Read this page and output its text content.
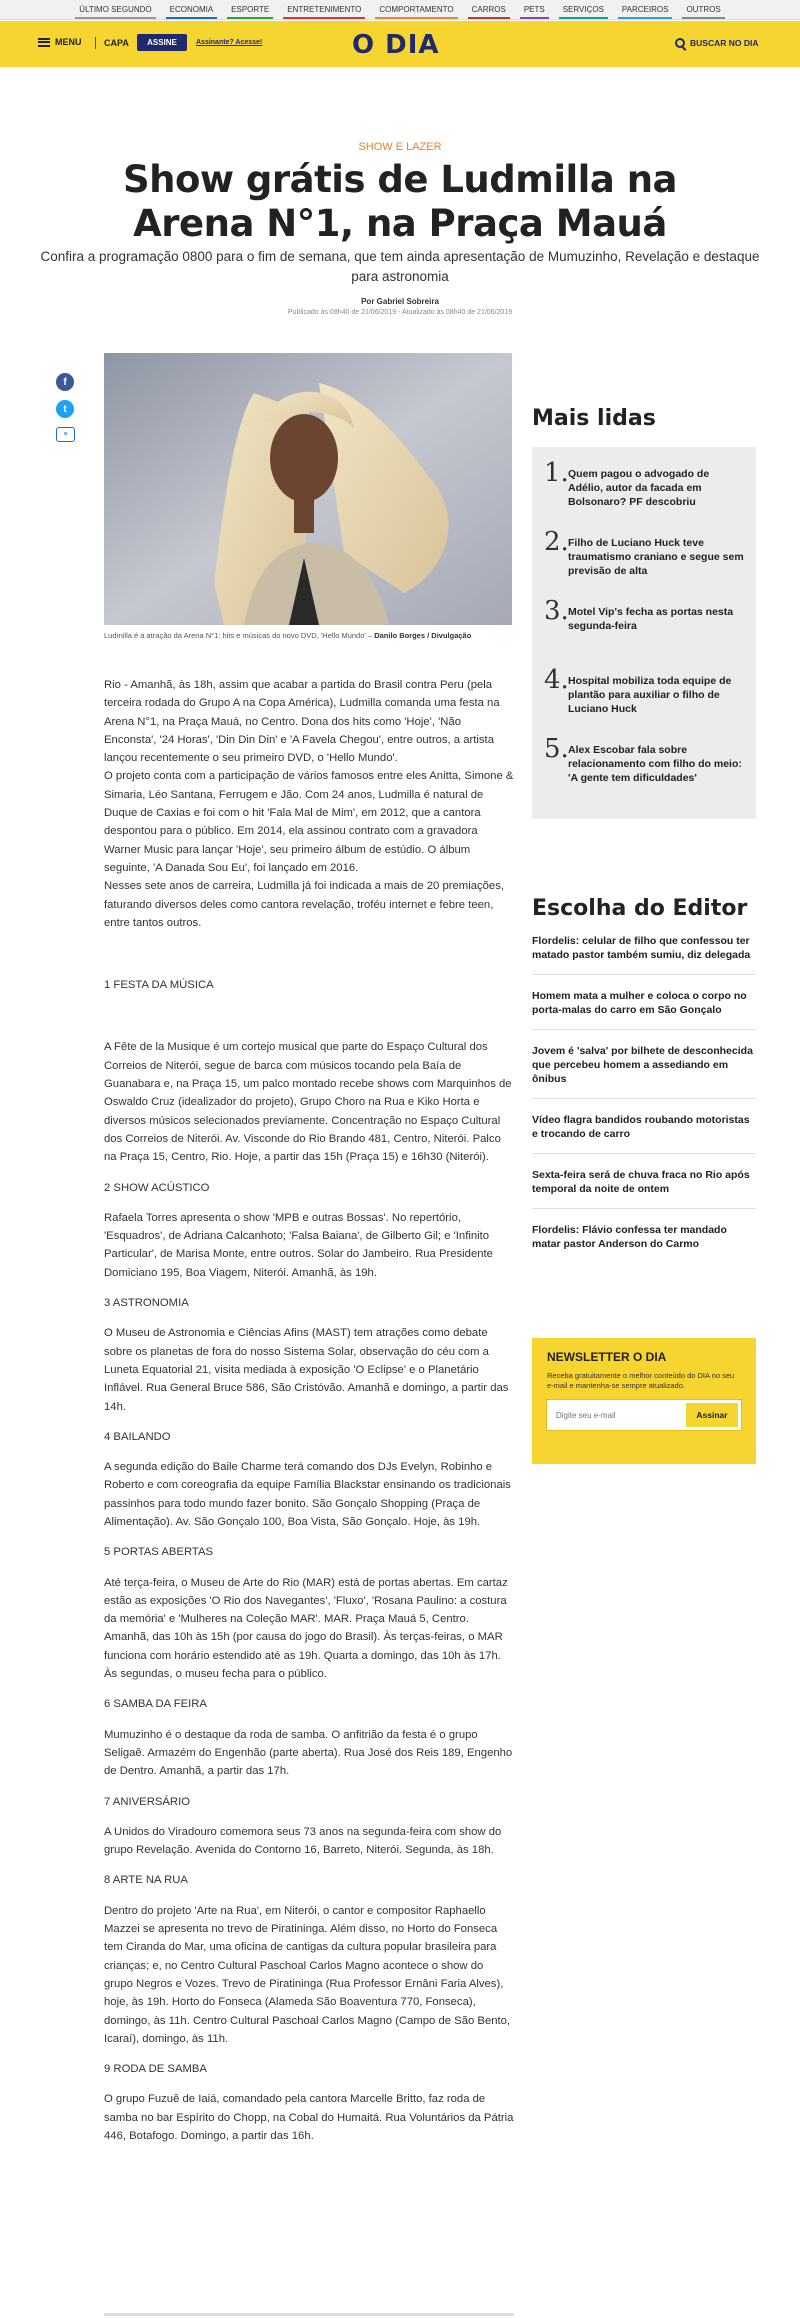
ÚLTIMO SEGUNDO	ECONOMIA	ESPORTE	ENTRETENIMENTO	COMPORTAMENTO	CARROS	PETS	SERVIÇOS	PARCEIROS	OUTROS
MENU	CAPA	ASSINE	Assinante? Acesse!	O DIA	BUSCAR NO DIA
SHOW E LAZER
Show grátis de Ludmilla na Arena N°1, na Praça Mauá

Confira a programação 0800 para o fim de semana, que tem ainda apresentação de Mumuzinho, Revelação e destaque para astronomia

Por Gabriel Sobreira
Publicado às 08h40 de 21/06/2019 - Atualizado às 08h40 de 21/06/2019
f
t
≡
Ludmilla é a atração da Arena N°1: hits e músicas do novo DVD, 'Hello Mundo' – Danilo Borges / Divulgação

Rio - Amanhã, às 18h, assim que acabar a partida do Brasil contra Peru (pela terceira rodada do Grupo A na Copa América), Ludmilla comanda uma festa na Arena N°1, na Praça Mauá, no Centro. Dona dos hits como 'Hoje', 'Não Enconsta', '24 Horas', 'Din Din Din' e 'A Favela Chegou', entre outros, a artista lançou recentemente o seu primeiro DVD, o 'Hello Mundo'.

O projeto conta com a participação de vários famosos entre eles Anitta, Simone & Simaria, Léo Santana, Ferrugem e Jão. Com 24 anos, Ludmilla é natural de Duque de Caxias e foi com o hit 'Fala Mal de Mim', em 2012, que a cantora despontou para o público. Em 2014, ela assinou contrato com a gravadora Warner Music para lançar 'Hoje', seu primeiro álbum de estúdio. O álbum seguinte, 'A Danada Sou Eu', foi lançado em 2016.

Nesses sete anos de carreira, Ludmilla já foi indicada a mais de 20 premiações, faturando diversos deles como cantora revelação, troféu internet e febre teen, entre tantos outros.

1 FESTA DA MÚSICA

A Fête de la Musique é um cortejo musical que parte do Espaço Cultural dos Correios de Niterói, segue de barca com músicos tocando pela Baía de Guanabara e, na Praça 15, um palco montado recebe shows com Marquinhos de Oswaldo Cruz (idealizador do projeto), Grupo Choro na Rua e Kiko Horta e diversos músicos selecionados previamente. Concentração no Espaço Cultural dos Correios de Niterói. Av. Visconde do Rio Brando 481, Centro, Niterói. Palco na Praça 15, Centro, Rio. Hoje, a partir das 15h (Praça 15) e 16h30 (Niterói).

2 SHOW ACÚSTICO

Rafaela Torres apresenta o show 'MPB e outras Bossas'. No repertório, 'Esquadros', de Adriana Calcanhoto; 'Falsa Baiana', de Gilberto Gil; e 'Infinito Particular', de Marisa Monte, entre outros. Solar do Jambeiro. Rua Presidente Domiciano 195, Boa Viagem, Niterói. Amanhã, às 19h.

3 ASTRONOMIA

O Museu de Astronomia e Ciências Afins (MAST) tem atrações como debate sobre os planetas de fora do nosso Sistema Solar, observação do céu com a Luneta Equatorial 21, visita mediada à exposição 'O Eclipse' e o Planetário Inflável. Rua General Bruce 586, São Cristóvão. Amanhã e domingo, a partir das 14h.

4 BAILANDO

A segunda edição do Baile Charme terá comando dos DJs Evelyn, Robinho e Roberto e com coreografia da equipe Família Blackstar ensinando os tradicionais passinhos para todo mundo fazer bonito. São Gonçalo Shopping (Praça de Alimentação). Av. São Gonçalo 100, Boa Vista, São Gonçalo. Hoje, às 19h.

5 PORTAS ABERTAS

Até terça-feira, o Museu de Arte do Rio (MAR) está de portas abertas. Em cartaz estão as exposições 'O Rio dos Navegantes', 'Fluxo', 'Rosana Paulino: a costura da memória' e 'Mulheres na Coleção MAR'. MAR. Praça Mauá 5, Centro. Amanhã, das 10h às 15h (por causa do jogo do Brasil). Às terças-feiras, o MAR funciona com horário estendido até as 19h. Quarta a domingo, das 10h às 17h. Às segundas, o museu fecha para o público.

6 SAMBA DA FEIRA

Mumuzinho é o destaque da roda de samba. O anfitrião da festa é o grupo Seligaê. Armazém do Engenhão (parte aberta). Rua José dos Reis 189, Engenho de Dentro. Amanhã, a partir das 17h.

7 ANIVERSÁRIO

A Unidos do Viradouro comemora seus 73 anos na segunda-feira com show do grupo Revelação. Avenida do Contorno 16, Barreto, Niterói. Segunda, às 18h.

8 ARTE NA RUA

Dentro do projeto 'Arte na Rua', em Niterói, o cantor e compositor Raphaello Mazzei se apresenta no trevo de Piratininga. Além disso, no Horto do Fonseca tem Ciranda do Mar, uma oficina de cantigas da cultura popular brasileira para crianças; e, no Centro Cultural Paschoal Carlos Magno acontece o show do grupo Negros e Vozes. Trevo de Piratininga (Rua Professor Ernâni Faria Alves), hoje, às 19h. Horto do Fonseca (Alameda São Boaventura 770, Fonseca), domingo, às 11h. Centro Cultural Paschoal Carlos Magno (Campo de São Bento, Icaraí), domingo, às 11h.

9 RODA DE SAMBA

O grupo Fuzuê de Iaiá, comandado pela cantora Marcelle Britto, faz roda de samba no bar Espírito do Chopp, na Cobal do Humaitá. Rua Voluntários da Pátria 446, Botafogo. Domingo, a partir das 16h.

Mais lidas
1. Quem pagou o advogado de Adélio, autor da facada em Bolsonaro? PF descobriu
2. Filho de Luciano Huck teve traumatismo craniano e segue sem previsão de alta
3. Motel Vip's fecha as portas nesta segunda-feira
4. Hospital mobiliza toda equipe de plantão para auxiliar o filho de Luciano Huck
5. Alex Escobar fala sobre relacionamento com filho do meio: 'A gente tem dificuldades'
Escolha do Editor
Flordelis: celular de filho que confessou ter matado pastor também sumiu, diz delegada
Homem mata a mulher e coloca o corpo no porta-malas do carro em São Gonçalo
Jovem é 'salva' por bilhete de desconhecida que percebeu homem a assediando em ônibus
Vídeo flagra bandidos roubando motoristas e trocando de carro
Sexta-feira será de chuva fraca no Rio após temporal da noite de ontem
Flordelis: Flávio confessa ter mandado matar pastor Anderson do Carmo
NEWSLETTER O DIA
Receba gratuitamente o melhor conteúdo do DIA no seu e-mail e mantenha-se sempre atualizado.
Digite seu e-mail
Assinar
